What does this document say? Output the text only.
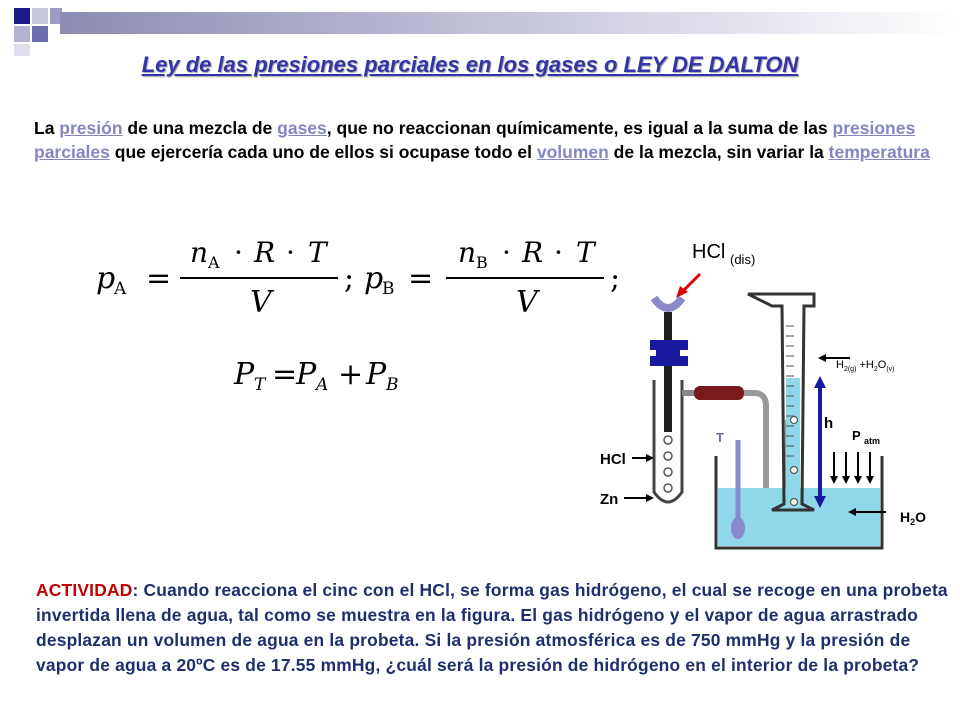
Ley de las presiones parciales en los gases o LEY DE DALTON
La presión de una mezcla de gases, que no reaccionan químicamente, es igual a la suma de las presiones parciales que ejercería cada uno de ellos si ocupase todo el volumen de la mezcla, sin variar la temperatura
p
A =
n A · R · T
V
; p
B =
n B · R · T
V
;
P T =
P A + P B
HCl (dis)
HCl
Zn
T
$H_{2(g)} +H_2O_{(v)}$
h
P atm
$H_2O$
ACTIVIDAD: Cuando reacciona el cinc con el HCl, se forma gas hidrógeno, el cual se recoge en una probeta invertida llena de agua, tal como se muestra en la figura. El gas hidrógeno y el vapor de agua arrastrado desplazan un volumen de agua en la probeta. Si la presión atmosférica es de 750 mmHg y la presión de vapor de agua a 20ºC es de 17.55 mmHg, ¿cuál será la presión de hidrógeno en el interior de la probeta?
